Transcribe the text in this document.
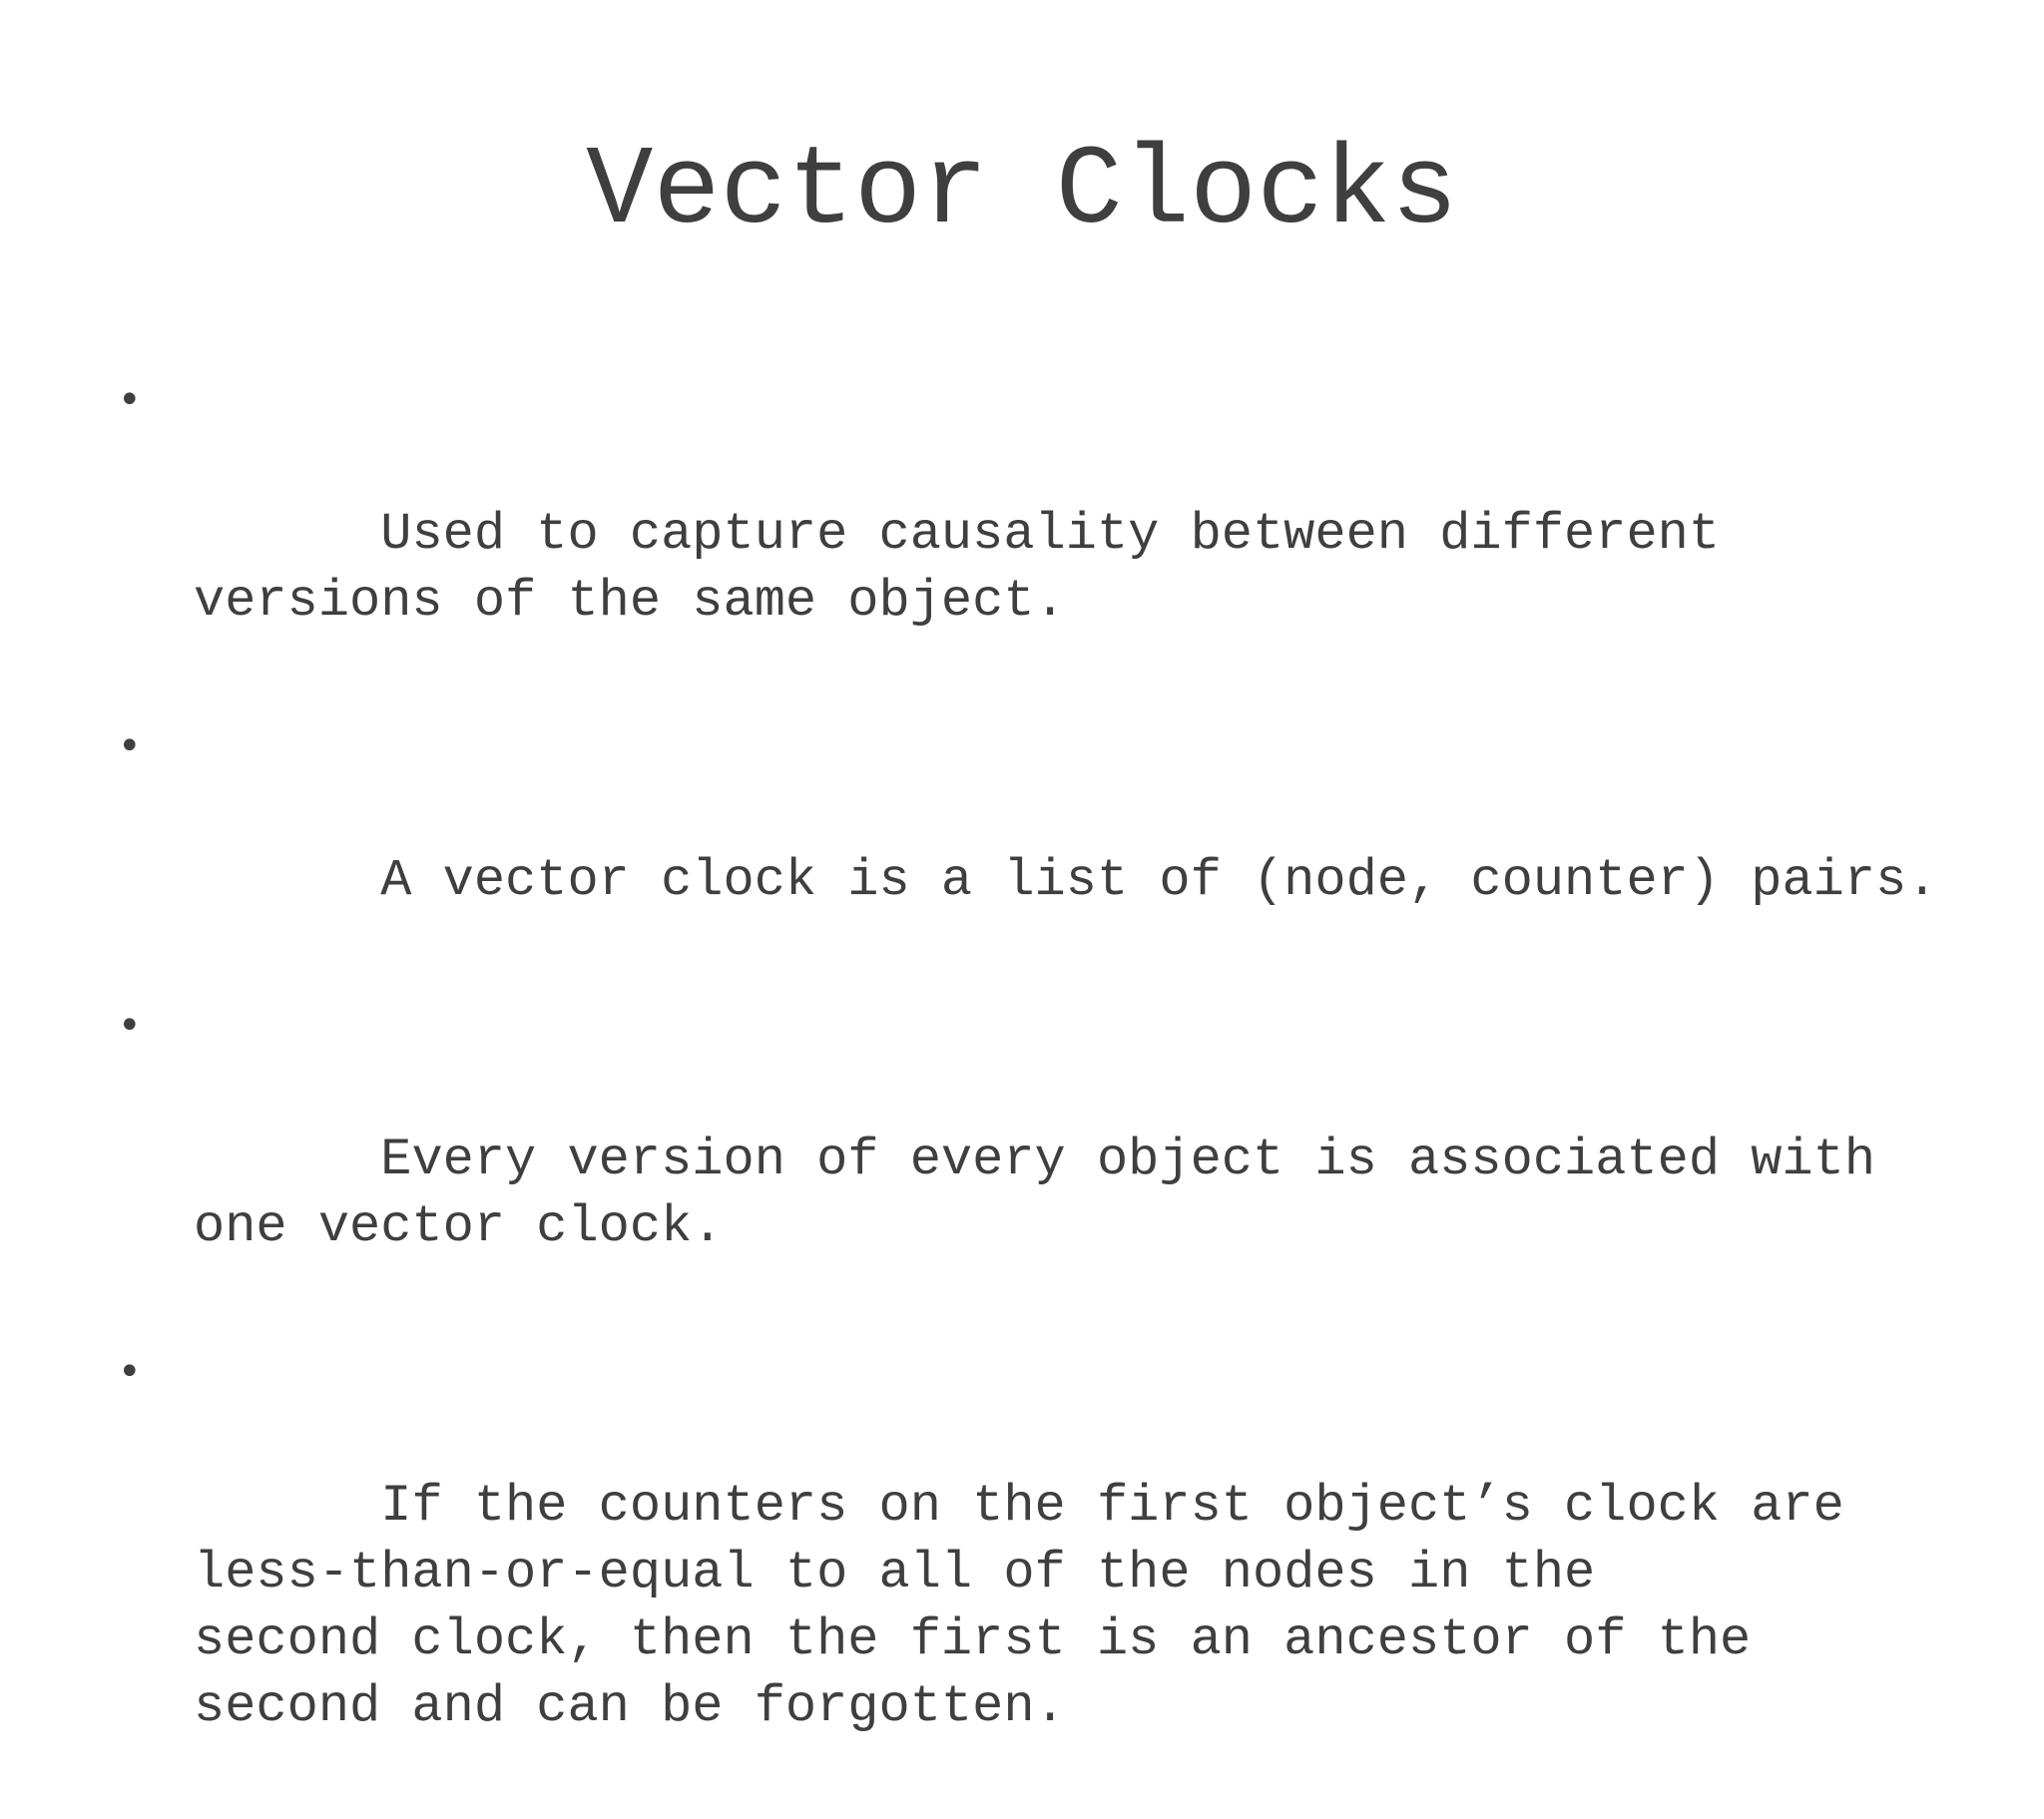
Vector Clocks

•

Used to capture causality between different
versions of the same object.

•

A vector clock is a list of (node, counter) pairs.

•

Every version of every object is associated with
one vector clock.

•

If the counters on the first object’s clock are
less-than-or-equal to all of the nodes in the
second clock, then the first is an ancestor of the
second and can be forgotten.
